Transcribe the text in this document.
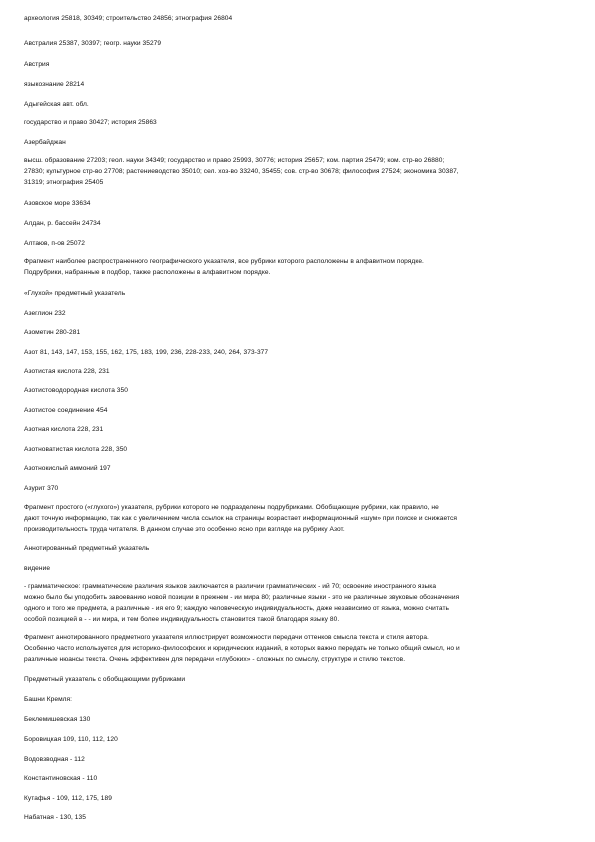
археология 25818, 30349; строительство 24856; этнография 26804
Австралия 25387, 30397; геогр. науки 35279
Австрия
языкознание 28214
Адыгейская авт. обл.
государство и право 30427; история 25863
Азербайджан
высш. образование 27203; геол. науки 34349; государство и право 25993, 30776; история 25657; ком. партия 25479; ком. стр-во 26880;
27830; культурное стр-во 27708; растениеводство 35010; сел. хоз-во 33240, 35455; сов. стр-во 30678; философия 27524; экономика 30387,
31319; этнография 25405
Азовское море 33634
Алдан, р. бассейн 24734
Алтаюв, п-ов 25072
Фрагмент наиболее распространенного географического указателя, все рубрики которого расположены в алфавитном порядке.
Подрубрики, набранные в подбор, также расположены в алфавитном порядке.
«Глухой» предметный указатель
Азеглион 232
Азометин 280-281
Азот 81, 143, 147, 153, 155, 162, 175, 183, 199, 236, 228-233, 240, 264, 373-377
Азотистая кислота 228, 231
Азотистоводородная кислота 350
Азотистое соединение 454
Азотная кислота 228, 231
Азотноватистая кислота 228, 350
Азотнокислый аммоний 197
Азурит 370
Фрагмент простого («глухого») указателя, рубрики которого не подразделены подрубриками. Обобщающие рубрики, как правило, не
дают точную информацию, так как с увеличением числа ссылок на страницы возрастает информационный «шум» при поиске и снижается
производительность труда читателя. В данном случае это особенно ясно при взгляде на рубрику Азот.
Аннотированный предметный указатель
видение
- грамматическое: грамматические различия языков заключается в различии грамматических - ий 70; освоение иностранного языка
можно было бы уподобить завоеванию новой позиции в прежнем - ии мира 80; различные языки - это не различные звуковые обозначения
одного и того же предмета, а различные - ия его 9; каждую человеческую индивидуальность, даже независимо от языка, можно считать
особой позицией в - - ии мира, и тем более индивидуальность становится такой благодаря языку 80.
Фрагмент аннотированного предметного указателя иллюстрирует возможности передачи оттенков смысла текста и стиля автора.
Особенно часто используется для историко-философских и юридических изданий, в которых важно передать не только общий смысл, но и
различные нюансы текста. Очень эффективен для передачи «глубоких» - сложных по смыслу, структуре и стилю текстов.
Предметный указатель с обобщающими рубриками
Башни Кремля:
Беклемишевская 130
Боровицкая 109, 110, 112, 120
Водовзводная - 112
Константиновская - 110
Кутафья - 109, 112, 175, 189
Набатная - 130, 135
